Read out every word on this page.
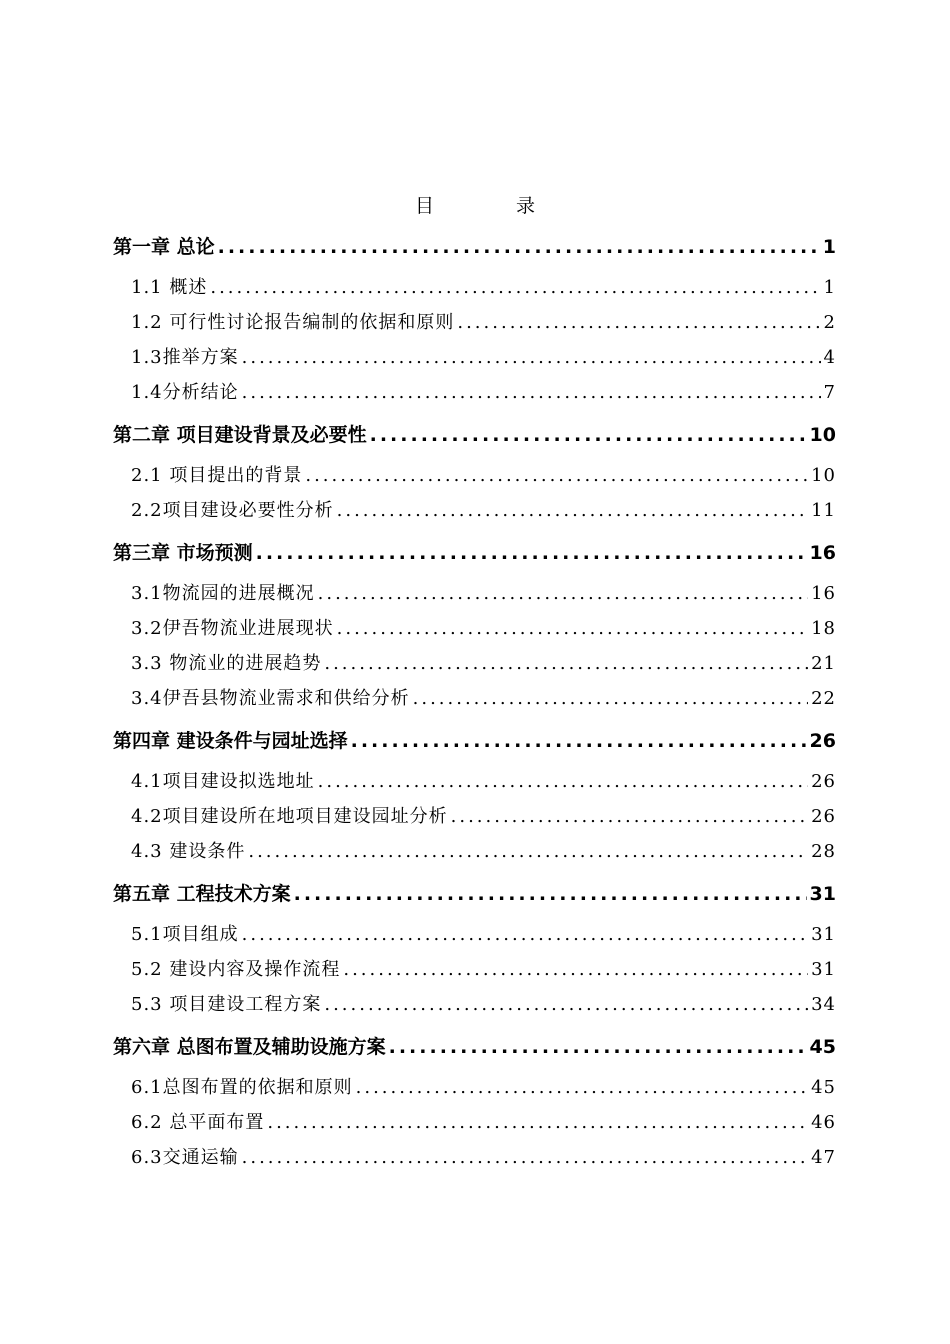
目 录
第一章 总论 .....	1
1.1 概述 .....	1
1.2 可行性讨论报告编制的依据和原则 .....	2
1.3推举方案 .....	4
1.4分析结论 .....	7
第二章 项目建设背景及必要性 .....	10
2.1 项目提出的背景 .....	10
2.2项目建设必要性分析 .....	11
第三章 市场预测 .....	16
3.1物流园的进展概况 .....	16
3.2伊吾物流业进展现状 .....	18
3.3 物流业的进展趋势 .....	21
3.4伊吾县物流业需求和供给分析 .....	22
第四章 建设条件与园址选择 .....	26
4.1项目建设拟选地址 .....	26
4.2项目建设所在地项目建设园址分析 .....	26
4.3 建设条件 .....	28
第五章 工程技术方案 .....	31
5.1项目组成 .....	31
5.2 建设内容及操作流程 .....	31
5.3 项目建设工程方案 .....	34
第六章 总图布置及辅助设施方案 .....	45
6.1总图布置的依据和原则 .....	45
6.2 总平面布置 .....	46
6.3交通运输 .....	47
